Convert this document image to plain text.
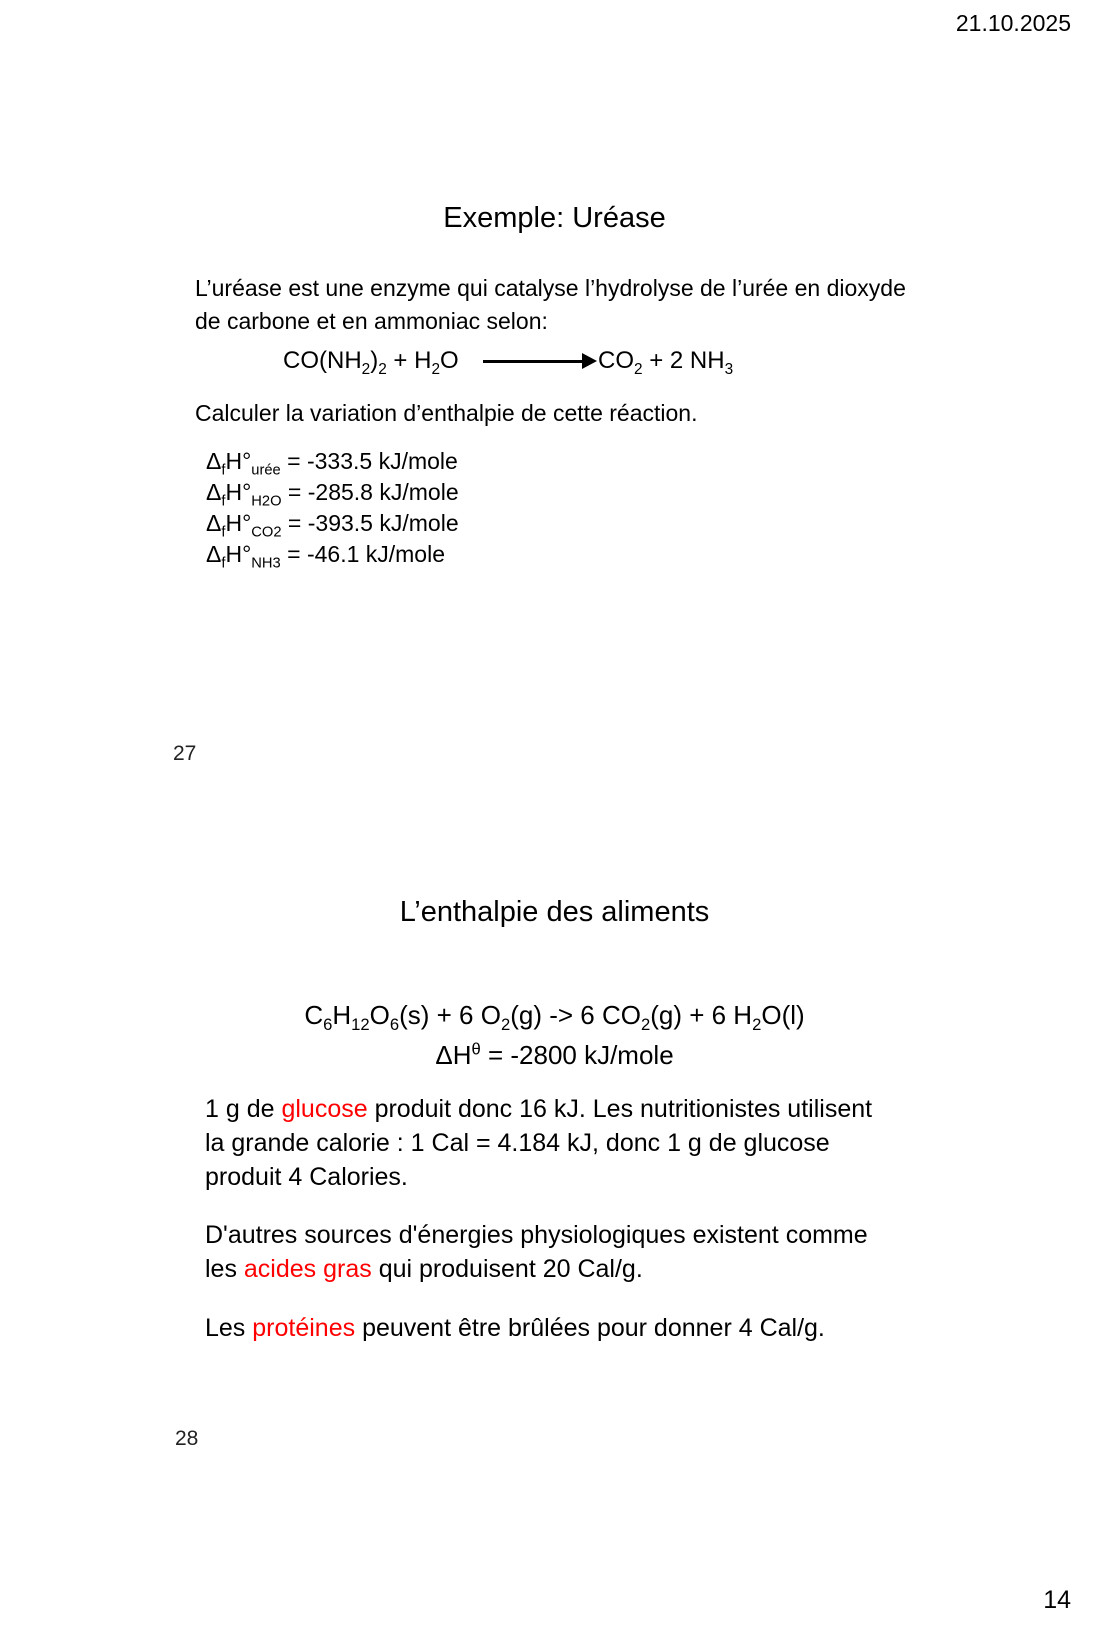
21.10.2025
Exemple: Uréase
L’uréase est une enzyme qui catalyse l’hydrolyse de l’urée en dioxyde
de carbone et en ammoniac selon:
$CO(NH_2)_2 + H_2O$	$CO_2 + 2$ $NH_3$
Calculer la variation d’enthalpie de cette réaction.
$\Delta_fH^\circ_{urée} = -333.5$ kJ/mole
$\Delta_fH^\circ_{H2O} = -285.8$ kJ/mole
$\Delta_fH^\circ_{CO2} = -393.5$ kJ/mole
$\Delta_fH^\circ_{NH3} = -46.1$ kJ/mole
27
L’enthalpie des aliments
$C_6H_{12}O_6(s) + 6$ $O_2(g) -> 6$ $CO_2(g) + 6$ $H_2O(l)$
$\Delta H^\theta = -2800$ kJ/mole
1 g de glucose produit donc 16 kJ. Les nutritionistes utilisent
la grande calorie : 1 Cal = 4.184 kJ, donc 1 g de glucose
produit 4 Calories.
D'autres sources d'énergies physiologiques existent comme
les acides gras qui produisent 20 Cal/g.
Les protéines peuvent être brûlées pour donner 4 Cal/g.
28
14
